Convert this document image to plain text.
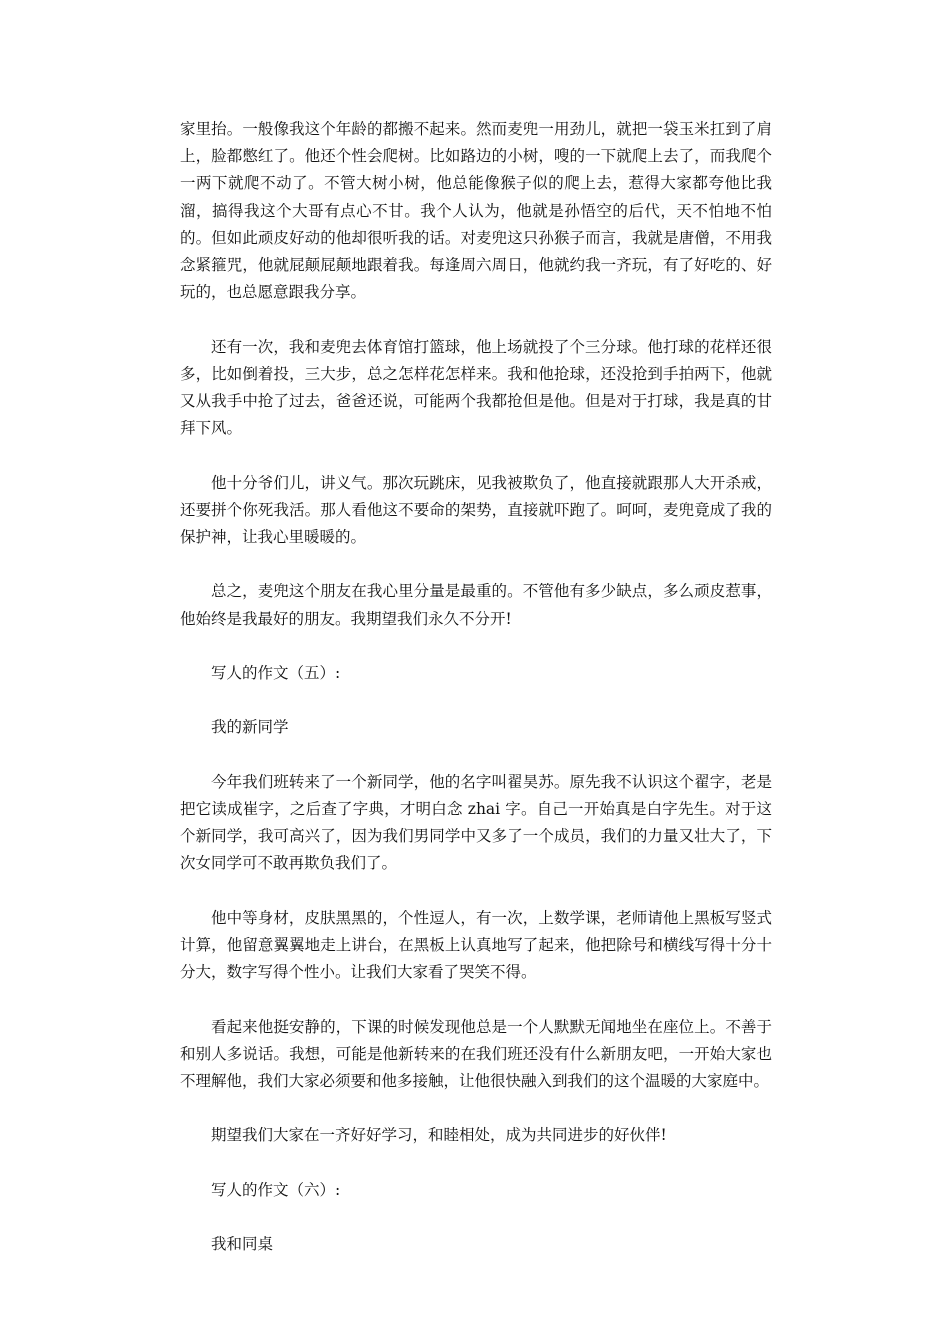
家里抬。一般像我这个年龄的都搬不起来。然而麦兜一用劲儿，就把一袋玉米扛到了肩上，脸都憋红了。他还个性会爬树。比如路边的小树，嗖的一下就爬上去了，而我爬个一两下就爬不动了。不管大树小树，他总能像猴子似的爬上去，惹得大家都夸他比我溜，搞得我这个大哥有点心不甘。我个人认为，他就是孙悟空的后代，天不怕地不怕的。但如此顽皮好动的他却很听我的话。对麦兜这只孙猴子而言，我就是唐僧，不用我念紧箍咒，他就屁颠屁颠地跟着我。每逢周六周日，他就约我一齐玩，有了好吃的、好玩的，也总愿意跟我分享。

还有一次，我和麦兜去体育馆打篮球，他上场就投了个三分球。他打球的花样还很多，比如倒着投，三大步，总之怎样花怎样来。我和他抢球，还没抢到手拍两下，他就又从我手中抢了过去，爸爸还说，可能两个我都抢但是他。但是对于打球，我是真的甘拜下风。

他十分爷们儿，讲义气。那次玩跳床，见我被欺负了，他直接就跟那人大开杀戒，还要拼个你死我活。那人看他这不要命的架势，直接就吓跑了。呵呵，麦兜竟成了我的保护神，让我心里暖暖的。

总之，麦兜这个朋友在我心里分量是最重的。不管他有多少缺点，多么顽皮惹事，他始终是我最好的朋友。我期望我们永久不分开!

写人的作文（五）:

我的新同学

今年我们班转来了一个新同学，他的名字叫翟昊苏。原先我不认识这个翟字，老是把它读成崔字，之后查了字典，才明白念 zhai 字。自己一开始真是白字先生。对于这个新同学，我可高兴了，因为我们男同学中又多了一个成员，我们的力量又壮大了，下次女同学可不敢再欺负我们了。

他中等身材，皮肤黑黑的，个性逗人，有一次，上数学课，老师请他上黑板写竖式计算，他留意翼翼地走上讲台，在黑板上认真地写了起来，他把除号和横线写得十分十分大，数字写得个性小。让我们大家看了哭笑不得。

看起来他挺安静的，下课的时候发现他总是一个人默默无闻地坐在座位上。不善于和别人多说话。我想，可能是他新转来的在我们班还没有什么新朋友吧，一开始大家也不理解他，我们大家必须要和他多接触，让他很快融入到我们的这个温暖的大家庭中。

期望我们大家在一齐好好学习，和睦相处，成为共同进步的好伙伴!

写人的作文（六）:

我和同桌
